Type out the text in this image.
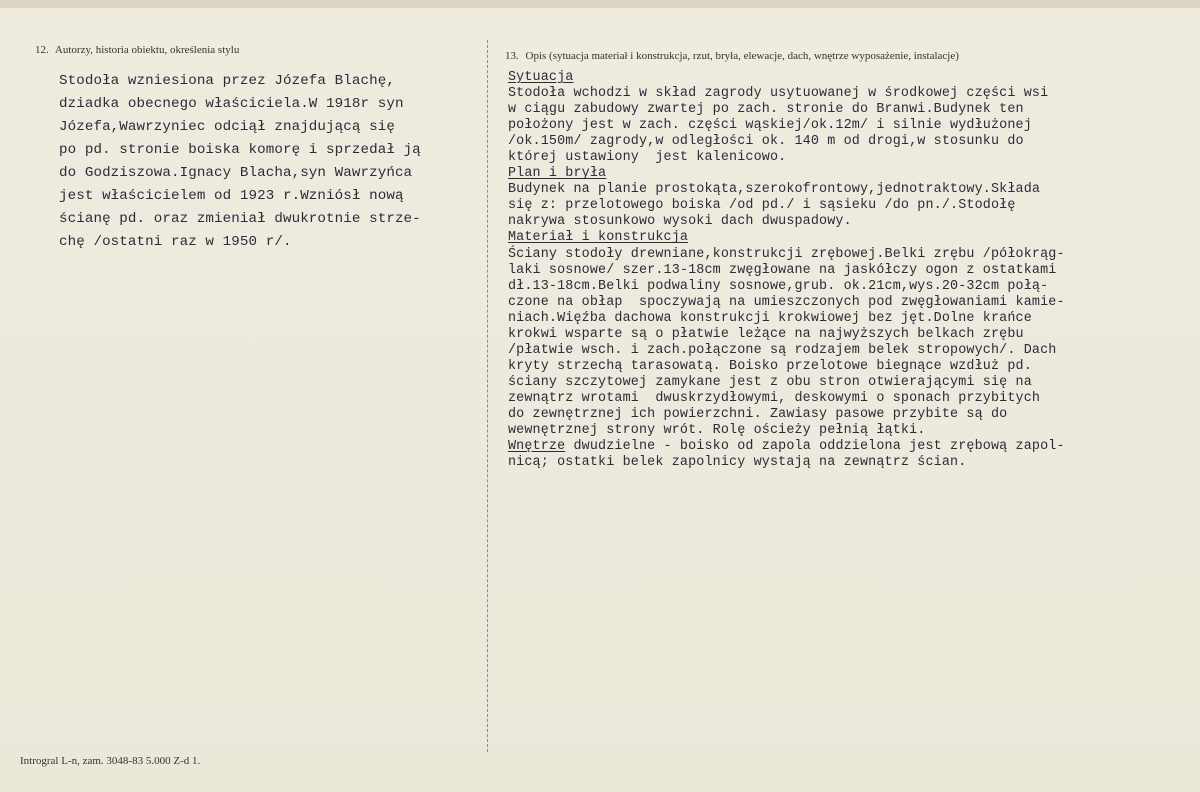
12. Autorzy, historia obiektu, określenia stylu	13. Opis (sytuacja materiał i konstrukcja, rzut, bryła, elewacje, dach, wnętrze wyposażenie, instalacje)
Stodoła wzniesiona przez Józefa Blachę,
dziadka obecnego właściciela.W 1918r syn
Józefa,Wawrzyniec odciął znajdującą się
po pd. stronie boiska komorę i sprzedał ją
do Godziszowa.Ignacy Blacha,syn Wawrzyńca
jest właścicielem od 1923 r.Wzniósł nową
ścianę pd. oraz zmieniał dwukrotnie strze-
chę /ostatni raz w 1950 r/.
Sytuacja
Stodoła wchodzi w skład zagrody usytuowanej w środkowej części wsi
w ciągu zabudowy zwartej po zach. stronie do Branwi.Budynek ten
położony jest w zach. części wąskiej/ok.12m/ i silnie wydłużonej
/ok.150m/ zagrody,w odległości ok. 140 m od drogi,w stosunku do
której ustawiony  jest kalenicowo.
Plan i bryła
Budynek na planie prostokąta,szerokofrontowy,jednotraktowy.Składa
się z: przelotowego boiska /od pd./ i sąsieku /do pn./.Stodołę
nakrywa stosunkowo wysoki dach dwuspadowy.
Materiał i konstrukcja
Ściany stodoły drewniane,konstrukcji zrębowej.Belki zrębu /półokrąg-
laki sosnowe/ szer.13-18cm zwęgłowane na jaskółczy ogon z ostatkami
dł.13-18cm.Belki podwaliny sosnowe,grub. ok.21cm,wys.20-32cm połą-
czone na obłap  spoczywają na umieszczonych pod zwęgłowaniami kamie-
niach.Więźba dachowa konstrukcji krokwiowej bez jęt.Dolne krańce
krokwi wsparte są o płatwie leżące na najwyższych belkach zrębu
/płatwie wsch. i zach.połączone są rodzajem belek stropowych/. Dach
kryty strzechą tarasowatą. Boisko przelotowe biegnące wzdłuż pd.
ściany szczytowej zamykane jest z obu stron otwierającymi się na
zewnątrz wrotami  dwuskrzydłowymi, deskowymi o sponach przybitych
do zewnętrznej ich powierzchni. Zawiasy pasowe przybite są do
wewnętrznej strony wrót. Rolę ościeży pełnią łątki.
Wnętrze dwudzielne - boisko od zapola oddzielona jest zrębową zapol-
nicą; ostatki belek zapolnicy wystają na zewnątrz ścian.
Introgral L-n, zam. 3048-83 5.000 Z-d 1.
